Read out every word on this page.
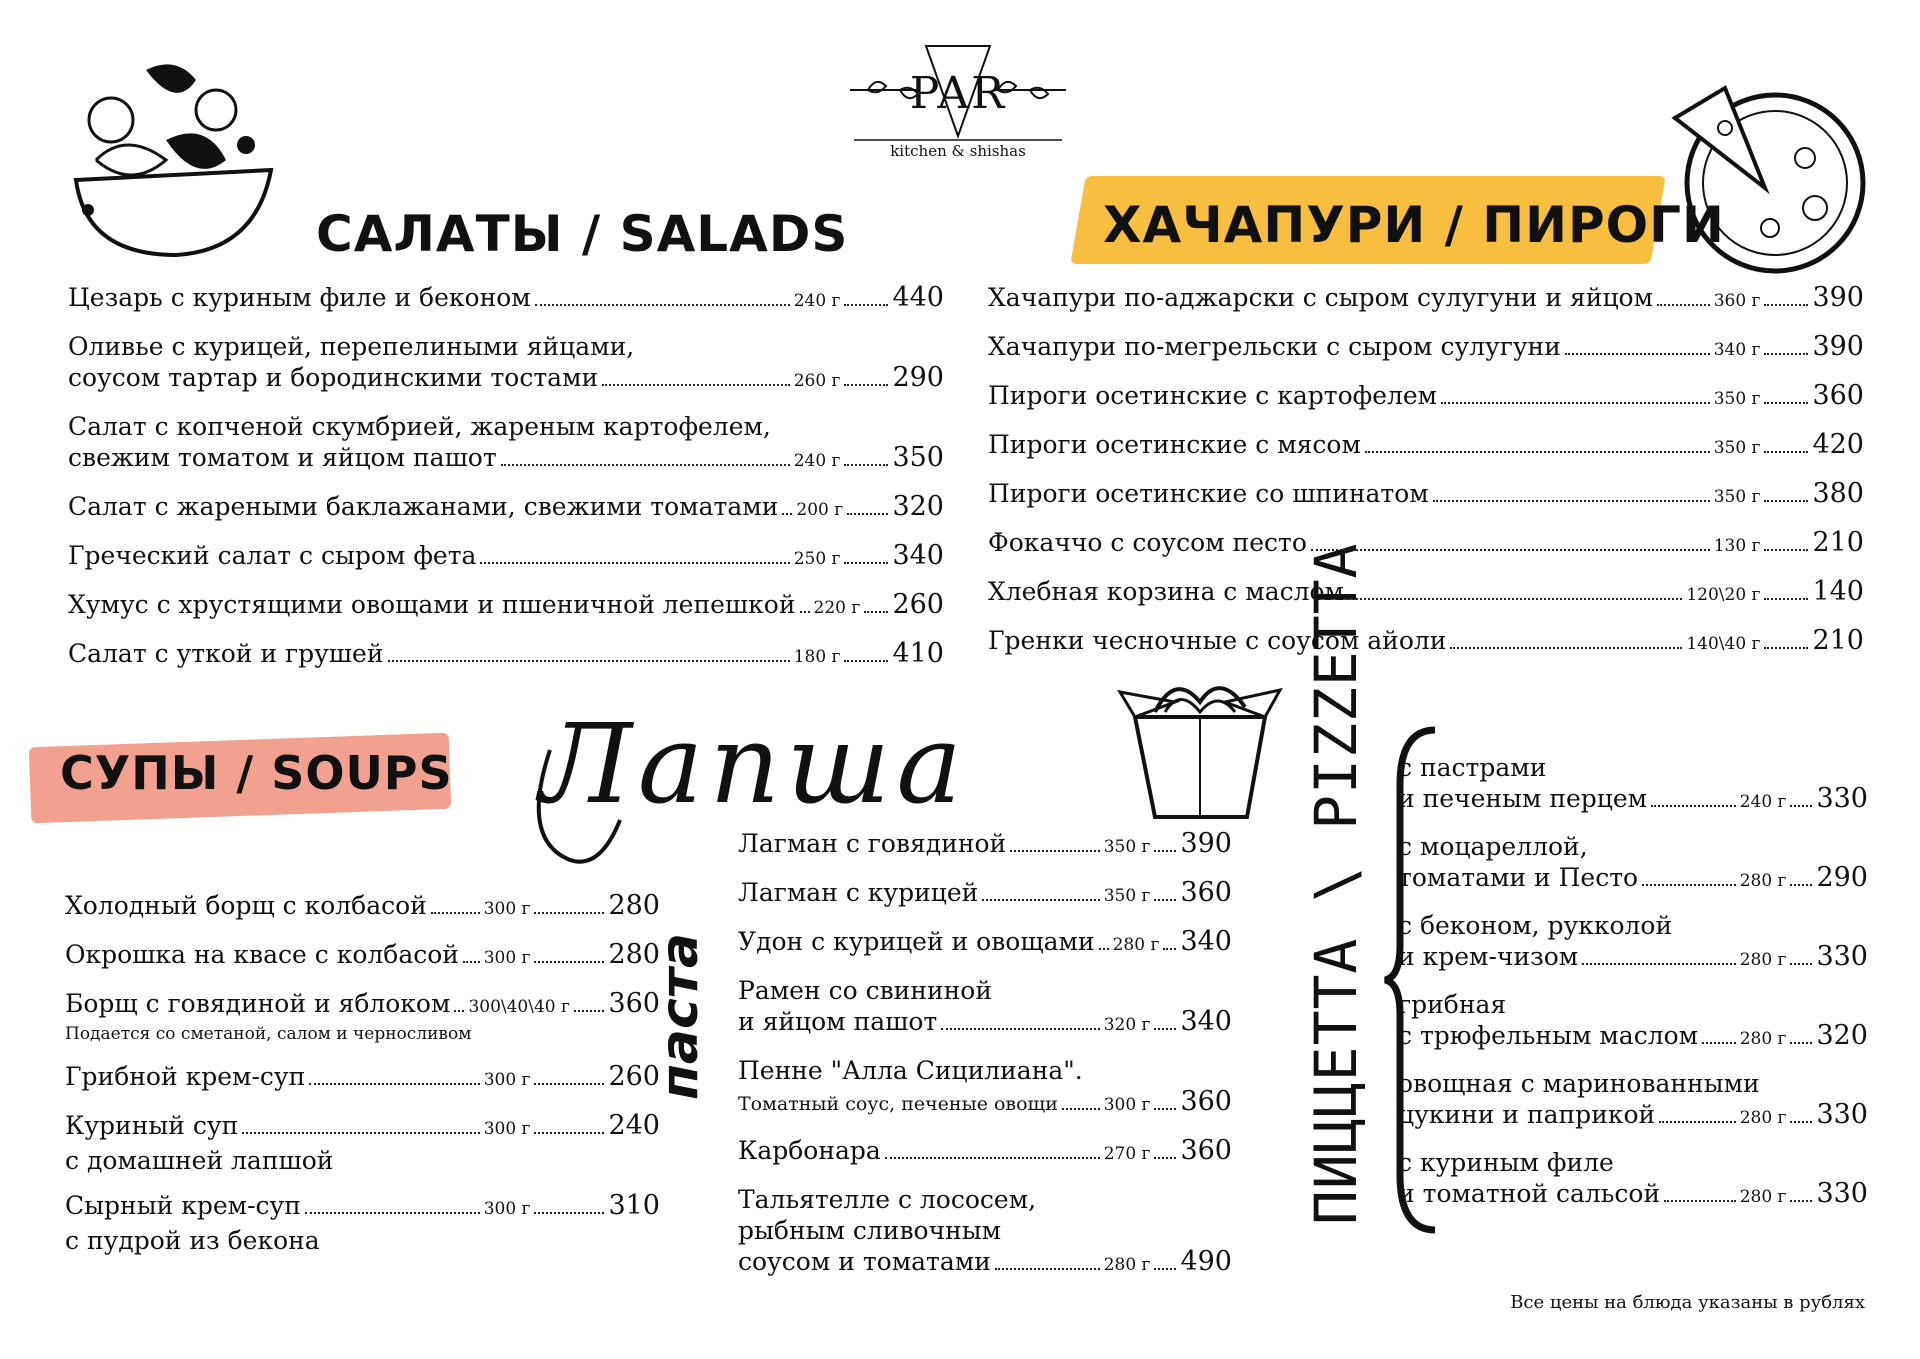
PAR
kitchen & shishas
САЛАТЫ / SALADS	ХАЧАПУРИ / ПИРОГИ
СУПЫ / SOUPS Лапша
паста	ПИЦЦЕТТА \ PIZZETTA
Цезарь с куриным филе и беконом	240 г 440
Оливье с курицей, перепелиными яйцами,
соусом тартар и бородинскими тостами	260 г 290
Салат с копченой скумбрией, жареным картофелем,
свежим томатом и яйцом пашот	240 г 350
Салат с жареными баклажанами, свежими томатами 200 г 320
Греческий салат с сыром фета	250 г 340
Хумус с хрустящими овощами и пшеничной лепешкой 220 г 260
Салат с уткой и грушей	180 г 410
Хачапури по-аджарски с сыром сулугуни и яйцом	360 г 390
Хачапури по-мегрельски с сыром сулугуни	340 г 390
Пироги осетинские с картофелем	350 г 360
Пироги осетинские с мясом	350 г 420
Пироги осетинские со шпинатом	350 г 380
Фокаччо с соусом песто	130 г 210
Хлебная корзина с маслом	120\20 г 140
Гренки чесночные с соусом айоли	140\40 г 210
Холодный борщ с колбасой	300 г	280
Окрошка на квасе с колбасой 300 г	280
Борщ с говядиной и яблоком 300\40\40 г 360
Подается со сметаной, салом и черносливом
Грибной крем-суп	300 г	260
Куриный суп	300 г	240
с домашней лапшой
Сырный крем-суп	300 г	310
с пудрой из бекона
Лагман с говядиной	350 г 390
Лагман с курицей	350 г 360
Удон с курицей и овощами 280 г 340
Рамен со свининой
и яйцом пашот	320 г 340
Пенне "Алла Сицилиана".
Томатный соус, печеные овощи	300 г 360
Карбонара	270 г 360
Тальятелле с лососем,
рыбным сливочным
соусом и томатами	280 г 490
с пастрами
и печеным перцем	240 г 330
с моцареллой,
томатами и Песто	280 г 290
с беконом, рукколой
и крем-чизом	280 г 330
грибная
с трюфельным маслом 280 г 320
овощная с маринованными
цукини и паприкой	280 г 330
с куриным филе
и томатной сальсой	280 г 330
Все цены на блюда указаны в рублях
